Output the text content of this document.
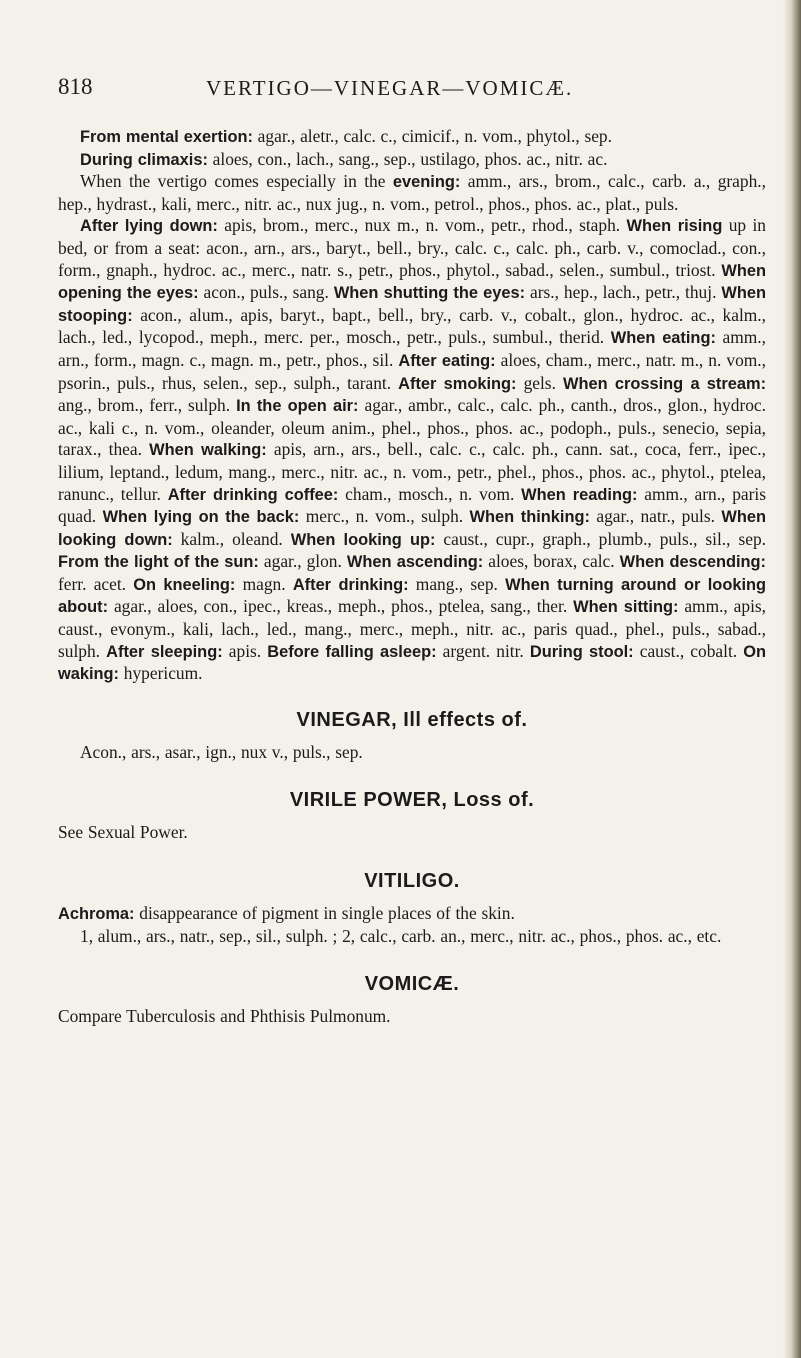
818	VERTIGO—VINEGAR—VOMICÆ.

From mental exertion: agar., aletr., calc. c., cimicif., n. vom., phytol., sep.

During climaxis: aloes, con., lach., sang., sep., ustilago, phos. ac., nitr. ac.

When the vertigo comes especially in the evening: amm., ars., brom., calc., carb. a., graph., hep., hydrast., kali, merc., nitr. ac., nux jug., n. vom., petrol., phos., phos. ac., plat., puls.

After lying down: apis, brom., merc., nux m., n. vom., petr., rhod., staph. When rising up in bed, or from a seat: acon., arn., ars., baryt., bell., bry., calc. c., calc. ph., carb. v., comoclad., con., form., gnaph., hydroc. ac., merc., natr. s., petr., phos., phytol., sabad., selen., sumbul., triost. When opening the eyes: acon., puls., sang. When shutting the eyes: ars., hep., lach., petr., thuj. When stooping: acon., alum., apis, baryt., bapt., bell., bry., carb. v., cobalt., glon., hydroc. ac., kalm., lach., led., lycopod., meph., merc. per., mosch., petr., puls., sumbul., therid. When eating: amm., arn., form., magn. c., magn. m., petr., phos., sil. After eating: aloes, cham., merc., natr. m., n. vom., psorin., puls., rhus, selen., sep., sulph., tarant. After smoking: gels. When crossing a stream: ang., brom., ferr., sulph. In the open air: agar., ambr., calc., calc. ph., canth., dros., glon., hydroc. ac., kali c., n. vom., oleander, oleum anim., phel., phos., phos. ac., podoph., puls., senecio, sepia, tarax., thea. When walking: apis, arn., ars., bell., calc. c., calc. ph., cann. sat., coca, ferr., ipec., lilium, leptand., ledum, mang., merc., nitr. ac., n. vom., petr., phel., phos., phos. ac., phytol., ptelea, ranunc., tellur. After drinking coffee: cham., mosch., n. vom. When reading: amm., arn., paris quad. When lying on the back: merc., n. vom., sulph. When thinking: agar., natr., puls. When looking down: kalm., oleand. When looking up: caust., cupr., graph., plumb., puls., sil., sep. From the light of the sun: agar., glon. When ascending: aloes, borax, calc. When descending: ferr. acet. On kneeling: magn. After drinking: mang., sep. When turning around or looking about: agar., aloes, con., ipec., kreas., meph., phos., ptelea, sang., ther. When sitting: amm., apis, caust., evonym., kali, lach., led., mang., merc., meph., nitr. ac., paris quad., phel., puls., sabad., sulph. After sleeping: apis. Before falling asleep: argent. nitr. During stool: caust., cobalt. On waking: hypericum.

VINEGAR, Ill effects of.

Acon., ars., asar., ign., nux v., puls., sep.

VIRILE POWER, Loss of.

See Sexual Power.

VITILIGO.

Achroma: disappearance of pigment in single places of the skin.

1, alum., ars., natr., sep., sil., sulph. ; 2, calc., carb. an., merc., nitr. ac., phos., phos. ac., etc.

VOMICÆ.

Compare Tuberculosis and Phthisis Pulmonum.
